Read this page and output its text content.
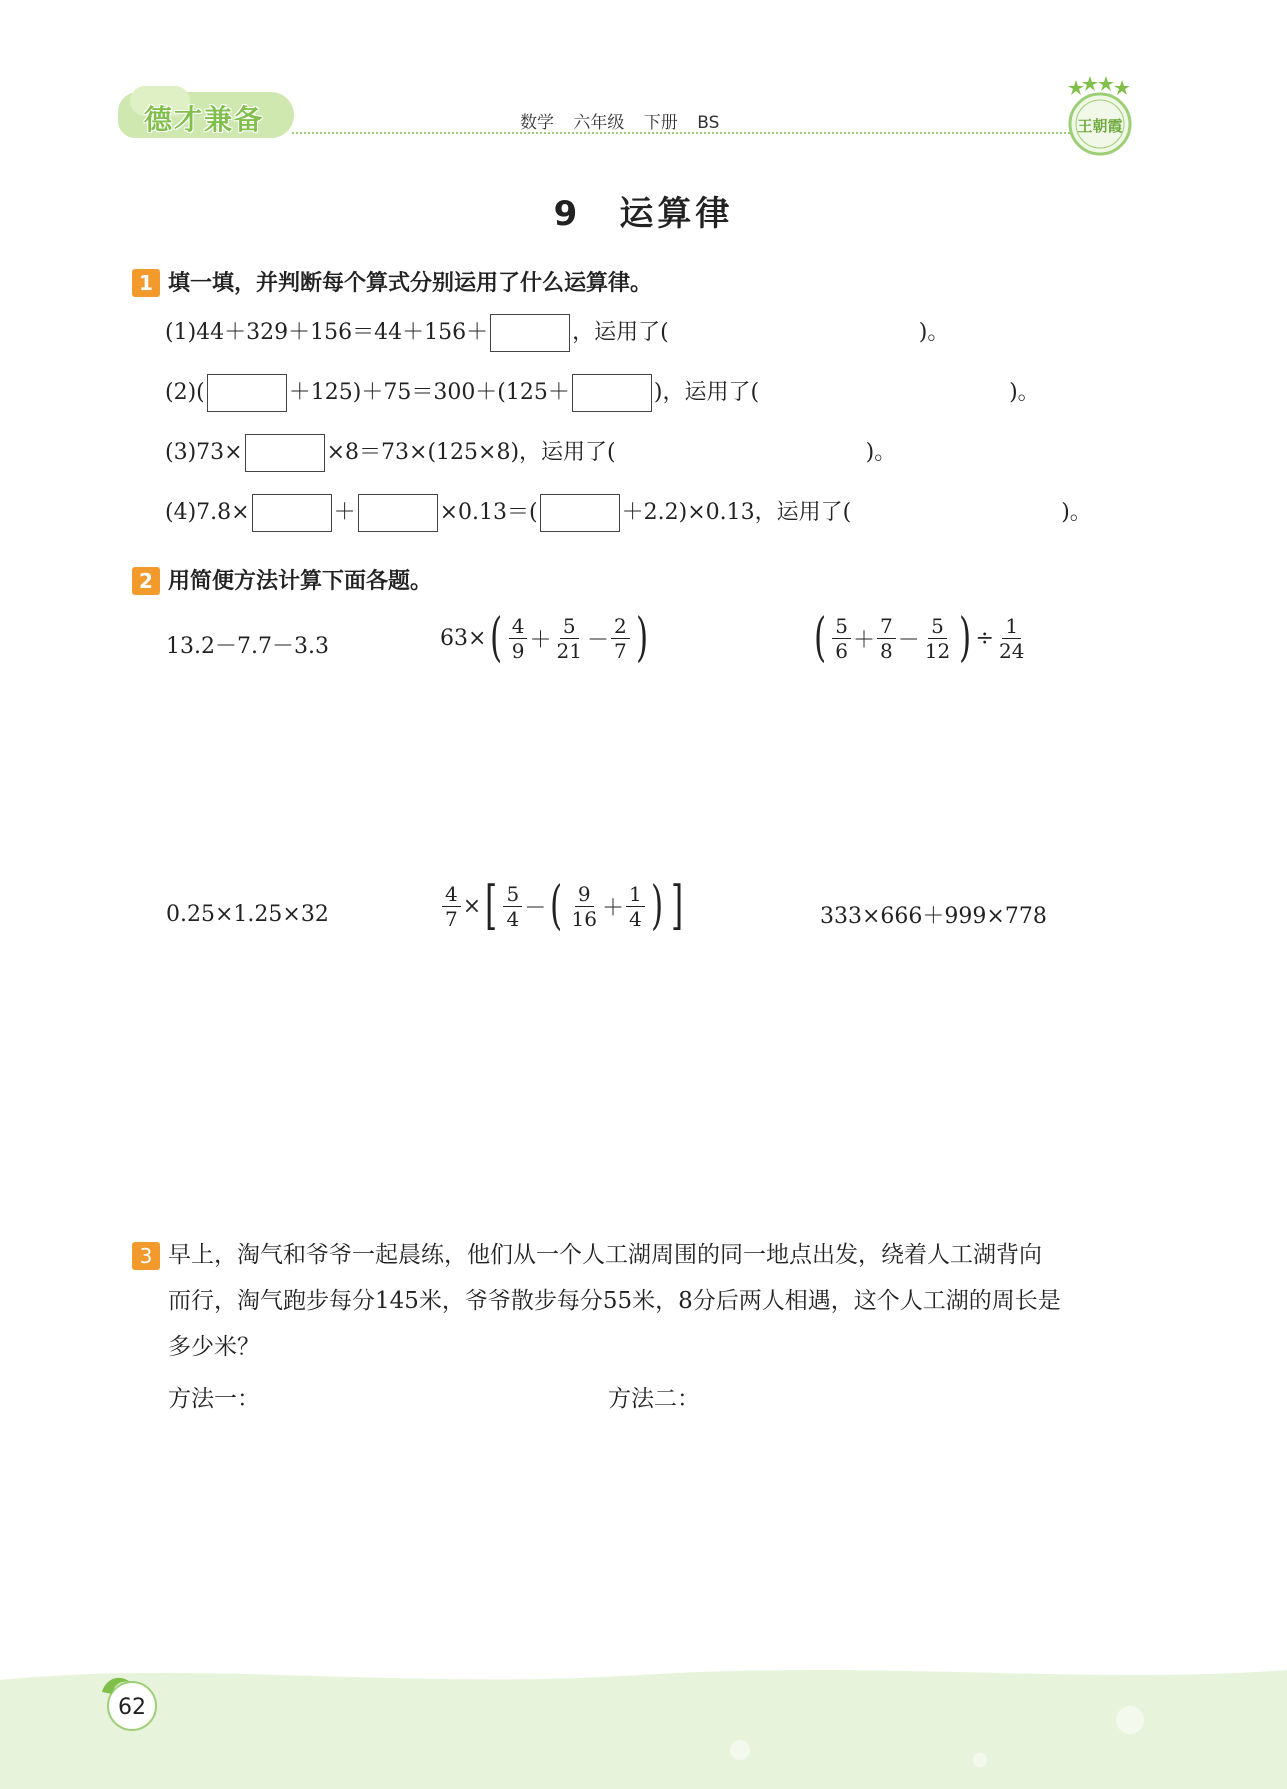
德才兼备	数学 六年级 下册 BS	王朝霞
9　运算律
1 填一填，并判断每个算式分别运用了什么运算律。
(1)44＋329＋156＝44＋156＋	，运用了(	)。
(2)(	＋125)＋75＝300＋(125＋	)，运用了(	)。
(3)73×	×8＝73×(125×8)，运用了(	)。
(4)7.8×	＋	×0.13＝(	＋2.2)×0.13，运用了(	)。
2 用简便方法计算下面各题。
13.2－7.7－3.3	63× ( $\frac{4}{9} + \frac{5}{21} - \frac{2}{7}$ )	( $\frac{5}{6} + \frac{7}{8} - \frac{5}{12}$ ) ÷ $\frac{1}{24}$
0.25×1.25×32	$\frac{4}{7}$ × [ $\frac{5}{4}$ － ( $\frac{9}{16} + \frac{1}{4}$ ) ]	333×666＋999×778
3 早上，淘气和爷爷一起晨练，他们从一个人工湖周围的同一地点出发，绕着人工湖背向
而行，淘气跑步每分145米，爷爷散步每分55米，8分后两人相遇，这个人工湖的周长是
多少米？
方法一：	方法二：
62
